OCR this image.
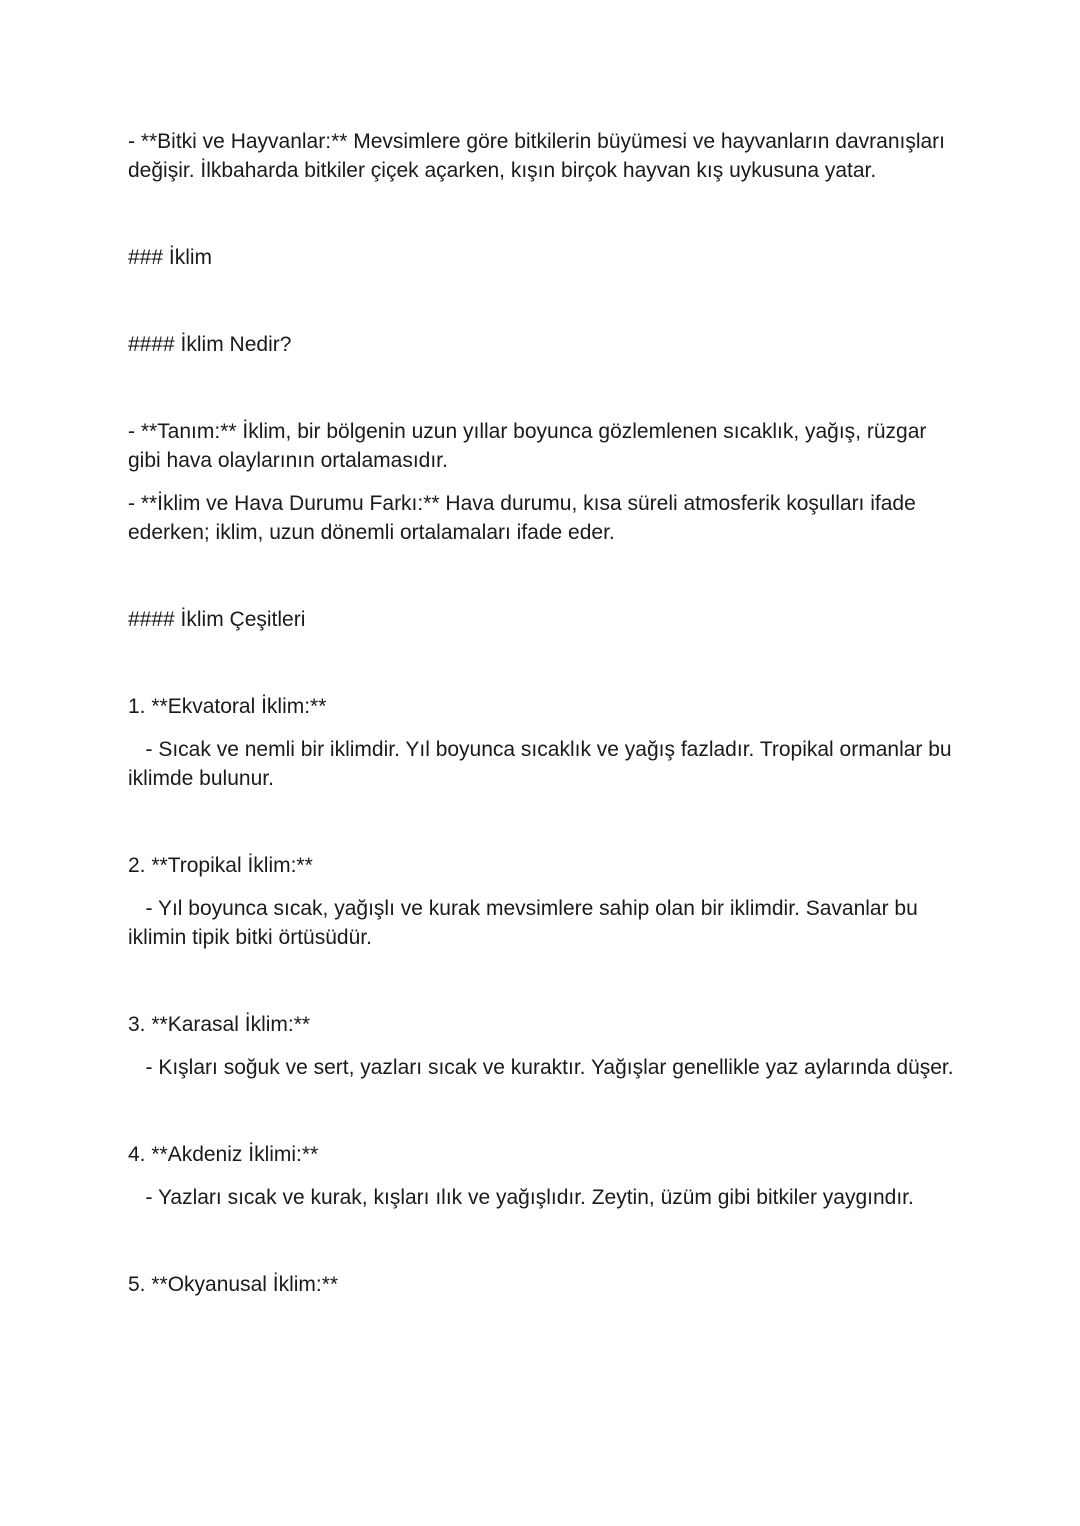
- **Bitki ve Hayvanlar:** Mevsimlere göre bitkilerin büyümesi ve hayvanların davranışları değişir. İlkbaharda bitkiler çiçek açarken, kışın birçok hayvan kış uykusuna yatar.

### İklim

#### İklim Nedir?

- **Tanım:** İklim, bir bölgenin uzun yıllar boyunca gözlemlenen sıcaklık, yağış, rüzgar gibi hava olaylarının ortalamasıdır.

- **İklim ve Hava Durumu Farkı:** Hava durumu, kısa süreli atmosferik koşulları ifade ederken; iklim, uzun dönemli ortalamaları ifade eder.

#### İklim Çeşitleri

1. **Ekvatoral İklim:**

- Sıcak ve nemli bir iklimdir. Yıl boyunca sıcaklık ve yağış fazladır. Tropikal ormanlar bu iklimde bulunur.

2. **Tropikal İklim:**

- Yıl boyunca sıcak, yağışlı ve kurak mevsimlere sahip olan bir iklimdir. Savanlar bu iklimin tipik bitki örtüsüdür.

3. **Karasal İklim:**

- Kışları soğuk ve sert, yazları sıcak ve kuraktır. Yağışlar genellikle yaz aylarında düşer.

4. **Akdeniz İklimi:**

- Yazları sıcak ve kurak, kışları ılık ve yağışlıdır. Zeytin, üzüm gibi bitkiler yaygındır.

5. **Okyanusal İklim:**
